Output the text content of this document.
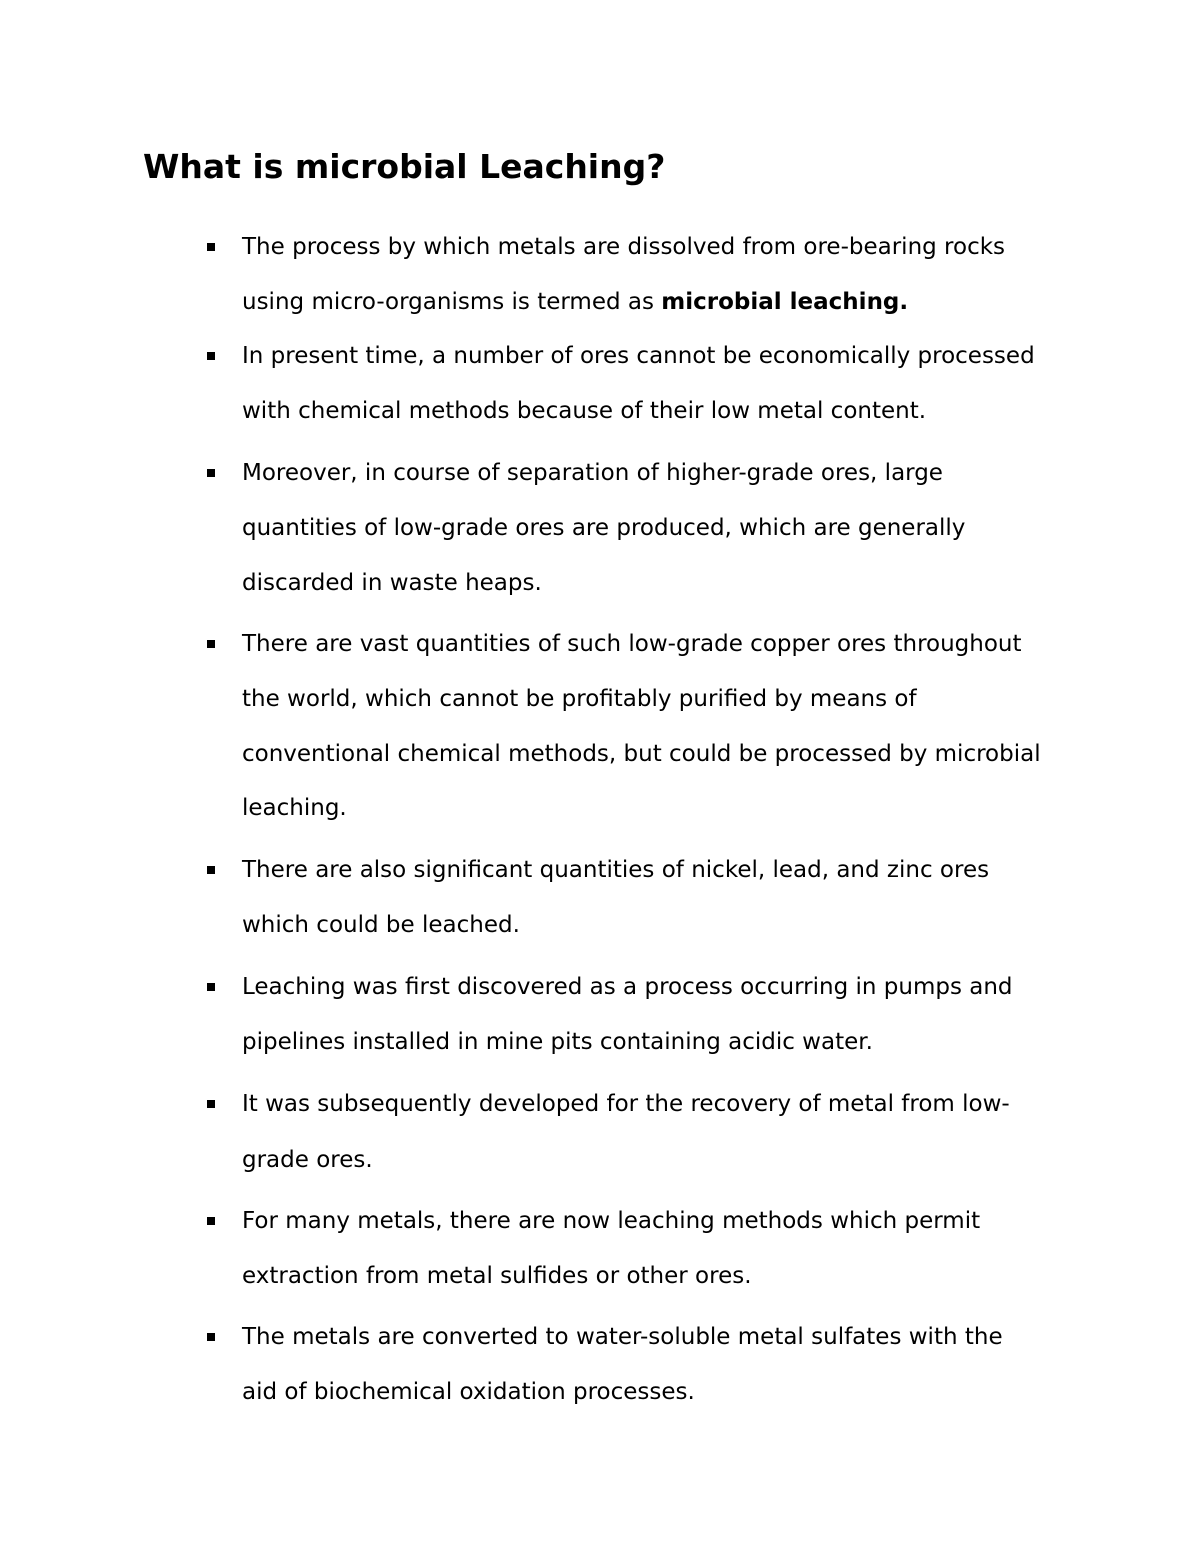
What is microbial Leaching?
The process by which metals are dissolved from ore-bearing rocks
using micro-organisms is termed as microbial leaching.
In present time, a number of ores cannot be economically processed
with chemical methods because of their low metal content.
Moreover, in course of separation of higher-grade ores, large
quantities of low-grade ores are produced, which are generally
discarded in waste heaps.
There are vast quantities of such low-grade copper ores throughout
the world, which cannot be profitably purified by means of
conventional chemical methods, but could be processed by microbial
leaching.
There are also significant quantities of nickel, lead, and zinc ores
which could be leached.
Leaching was first discovered as a process occurring in pumps and
pipelines installed in mine pits containing acidic water.
It was subsequently developed for the recovery of metal from low-
grade ores.
For many metals, there are now leaching methods which permit
extraction from metal sulfides or other ores.
The metals are converted to water-soluble metal sulfates with the
aid of biochemical oxidation processes.
